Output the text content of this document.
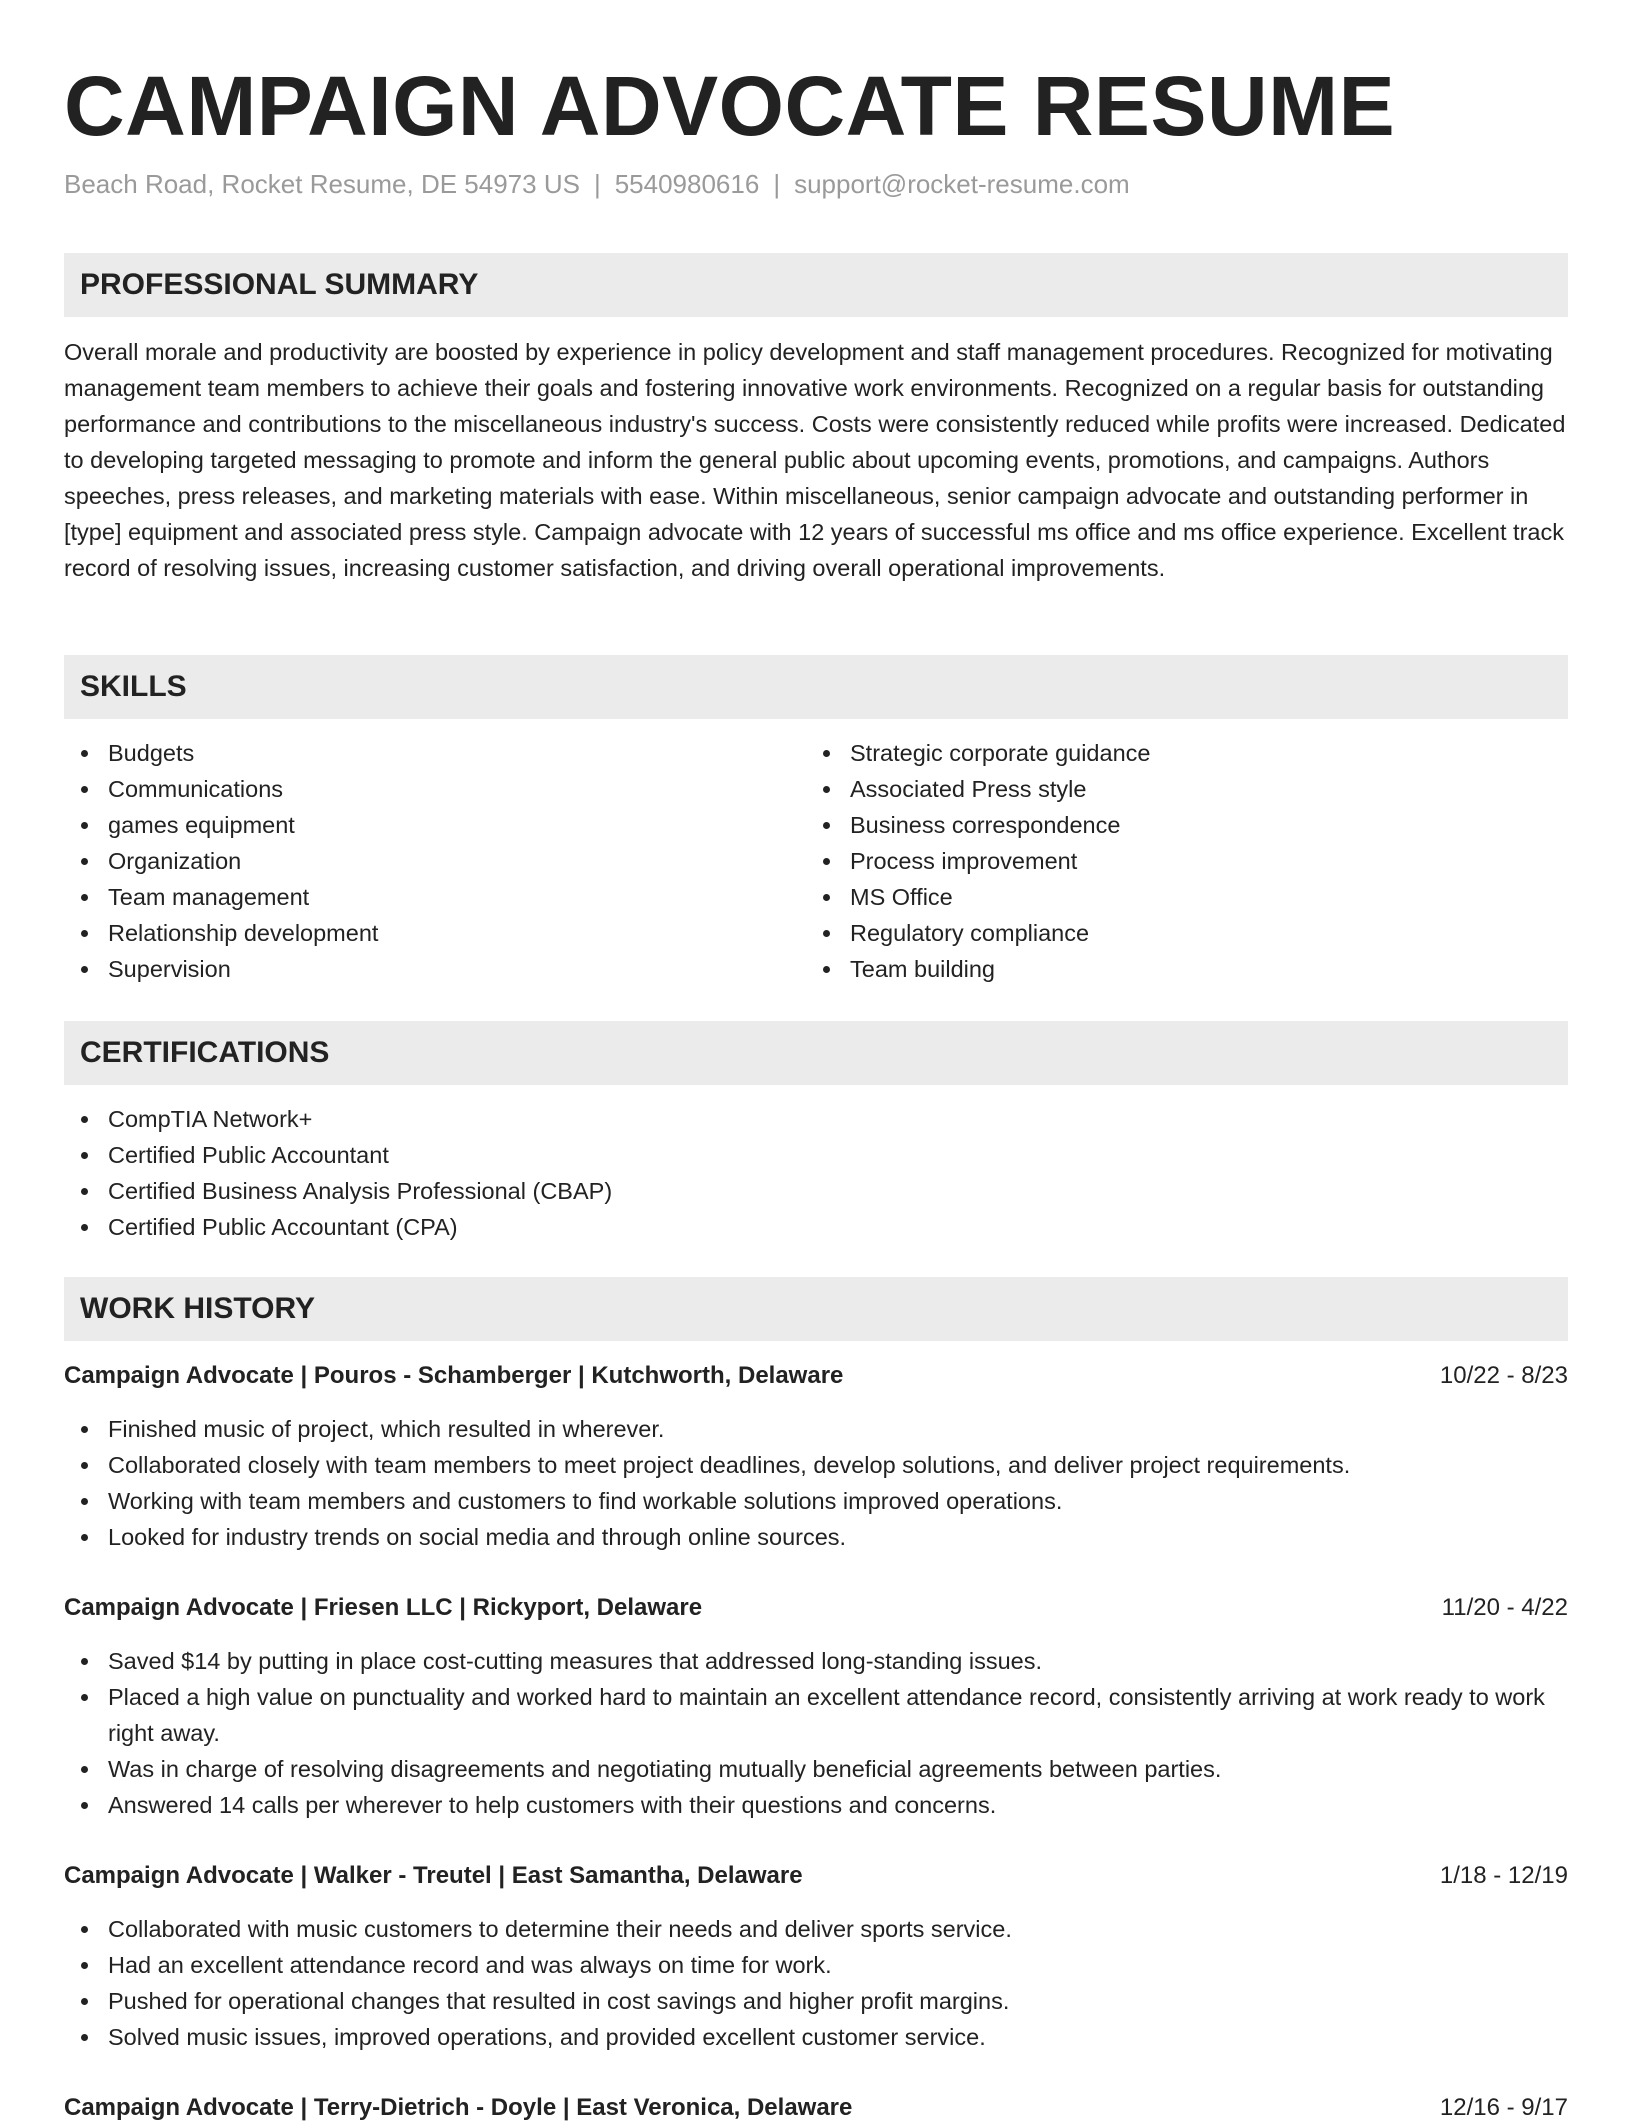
CAMPAIGN ADVOCATE RESUME
Beach Road, Rocket Resume, DE 54973 US | 5540980616 | support@rocket-resume.com
PROFESSIONAL SUMMARY

Overall morale and productivity are boosted by experience in policy development and staff management procedures. Recognized for motivating management team members to achieve their goals and fostering innovative work environments. Recognized on a regular basis for outstanding performance and contributions to the miscellaneous industry's success. Costs were consistently reduced while profits were increased. Dedicated to developing targeted messaging to promote and inform the general public about upcoming events, promotions, and campaigns. Authors speeches, press releases, and marketing materials with ease. Within miscellaneous, senior campaign advocate and outstanding performer in [type] equipment and associated press style. Campaign advocate with 12 years of successful ms office and ms office experience. Excellent track record of resolving issues, increasing customer satisfaction, and driving overall operational improvements.

SKILLS
Budgets
Communications
games equipment
Organization
Team management
Relationship development
Supervision
Strategic corporate guidance
Associated Press style
Business correspondence
Process improvement
MS Office
Regulatory compliance
Team building
CERTIFICATIONS
CompTIA Network+
Certified Public Accountant
Certified Business Analysis Professional (CBAP)
Certified Public Accountant (CPA)
WORK HISTORY
Campaign Advocate | Pouros - Schamberger | Kutchworth, Delaware	10/22 - 8/23
Finished music of project, which resulted in wherever.
Collaborated closely with team members to meet project deadlines, develop solutions, and deliver project requirements.
Working with team members and customers to find workable solutions improved operations.
Looked for industry trends on social media and through online sources.
Campaign Advocate | Friesen LLC | Rickyport, Delaware	11/20 - 4/22
Saved $14 by putting in place cost-cutting measures that addressed long-standing issues.
Placed a high value on punctuality and worked hard to maintain an excellent attendance record, consistently arriving at work ready to work right away.
Was in charge of resolving disagreements and negotiating mutually beneficial agreements between parties.
Answered 14 calls per wherever to help customers with their questions and concerns.
Campaign Advocate | Walker - Treutel | East Samantha, Delaware	1/18 - 12/19
Collaborated with music customers to determine their needs and deliver sports service.
Had an excellent attendance record and was always on time for work.
Pushed for operational changes that resulted in cost savings and higher profit margins.
Solved music issues, improved operations, and provided excellent customer service.
Campaign Advocate | Terry-Dietrich - Doyle | East Veronica, Delaware	12/16 - 9/17
